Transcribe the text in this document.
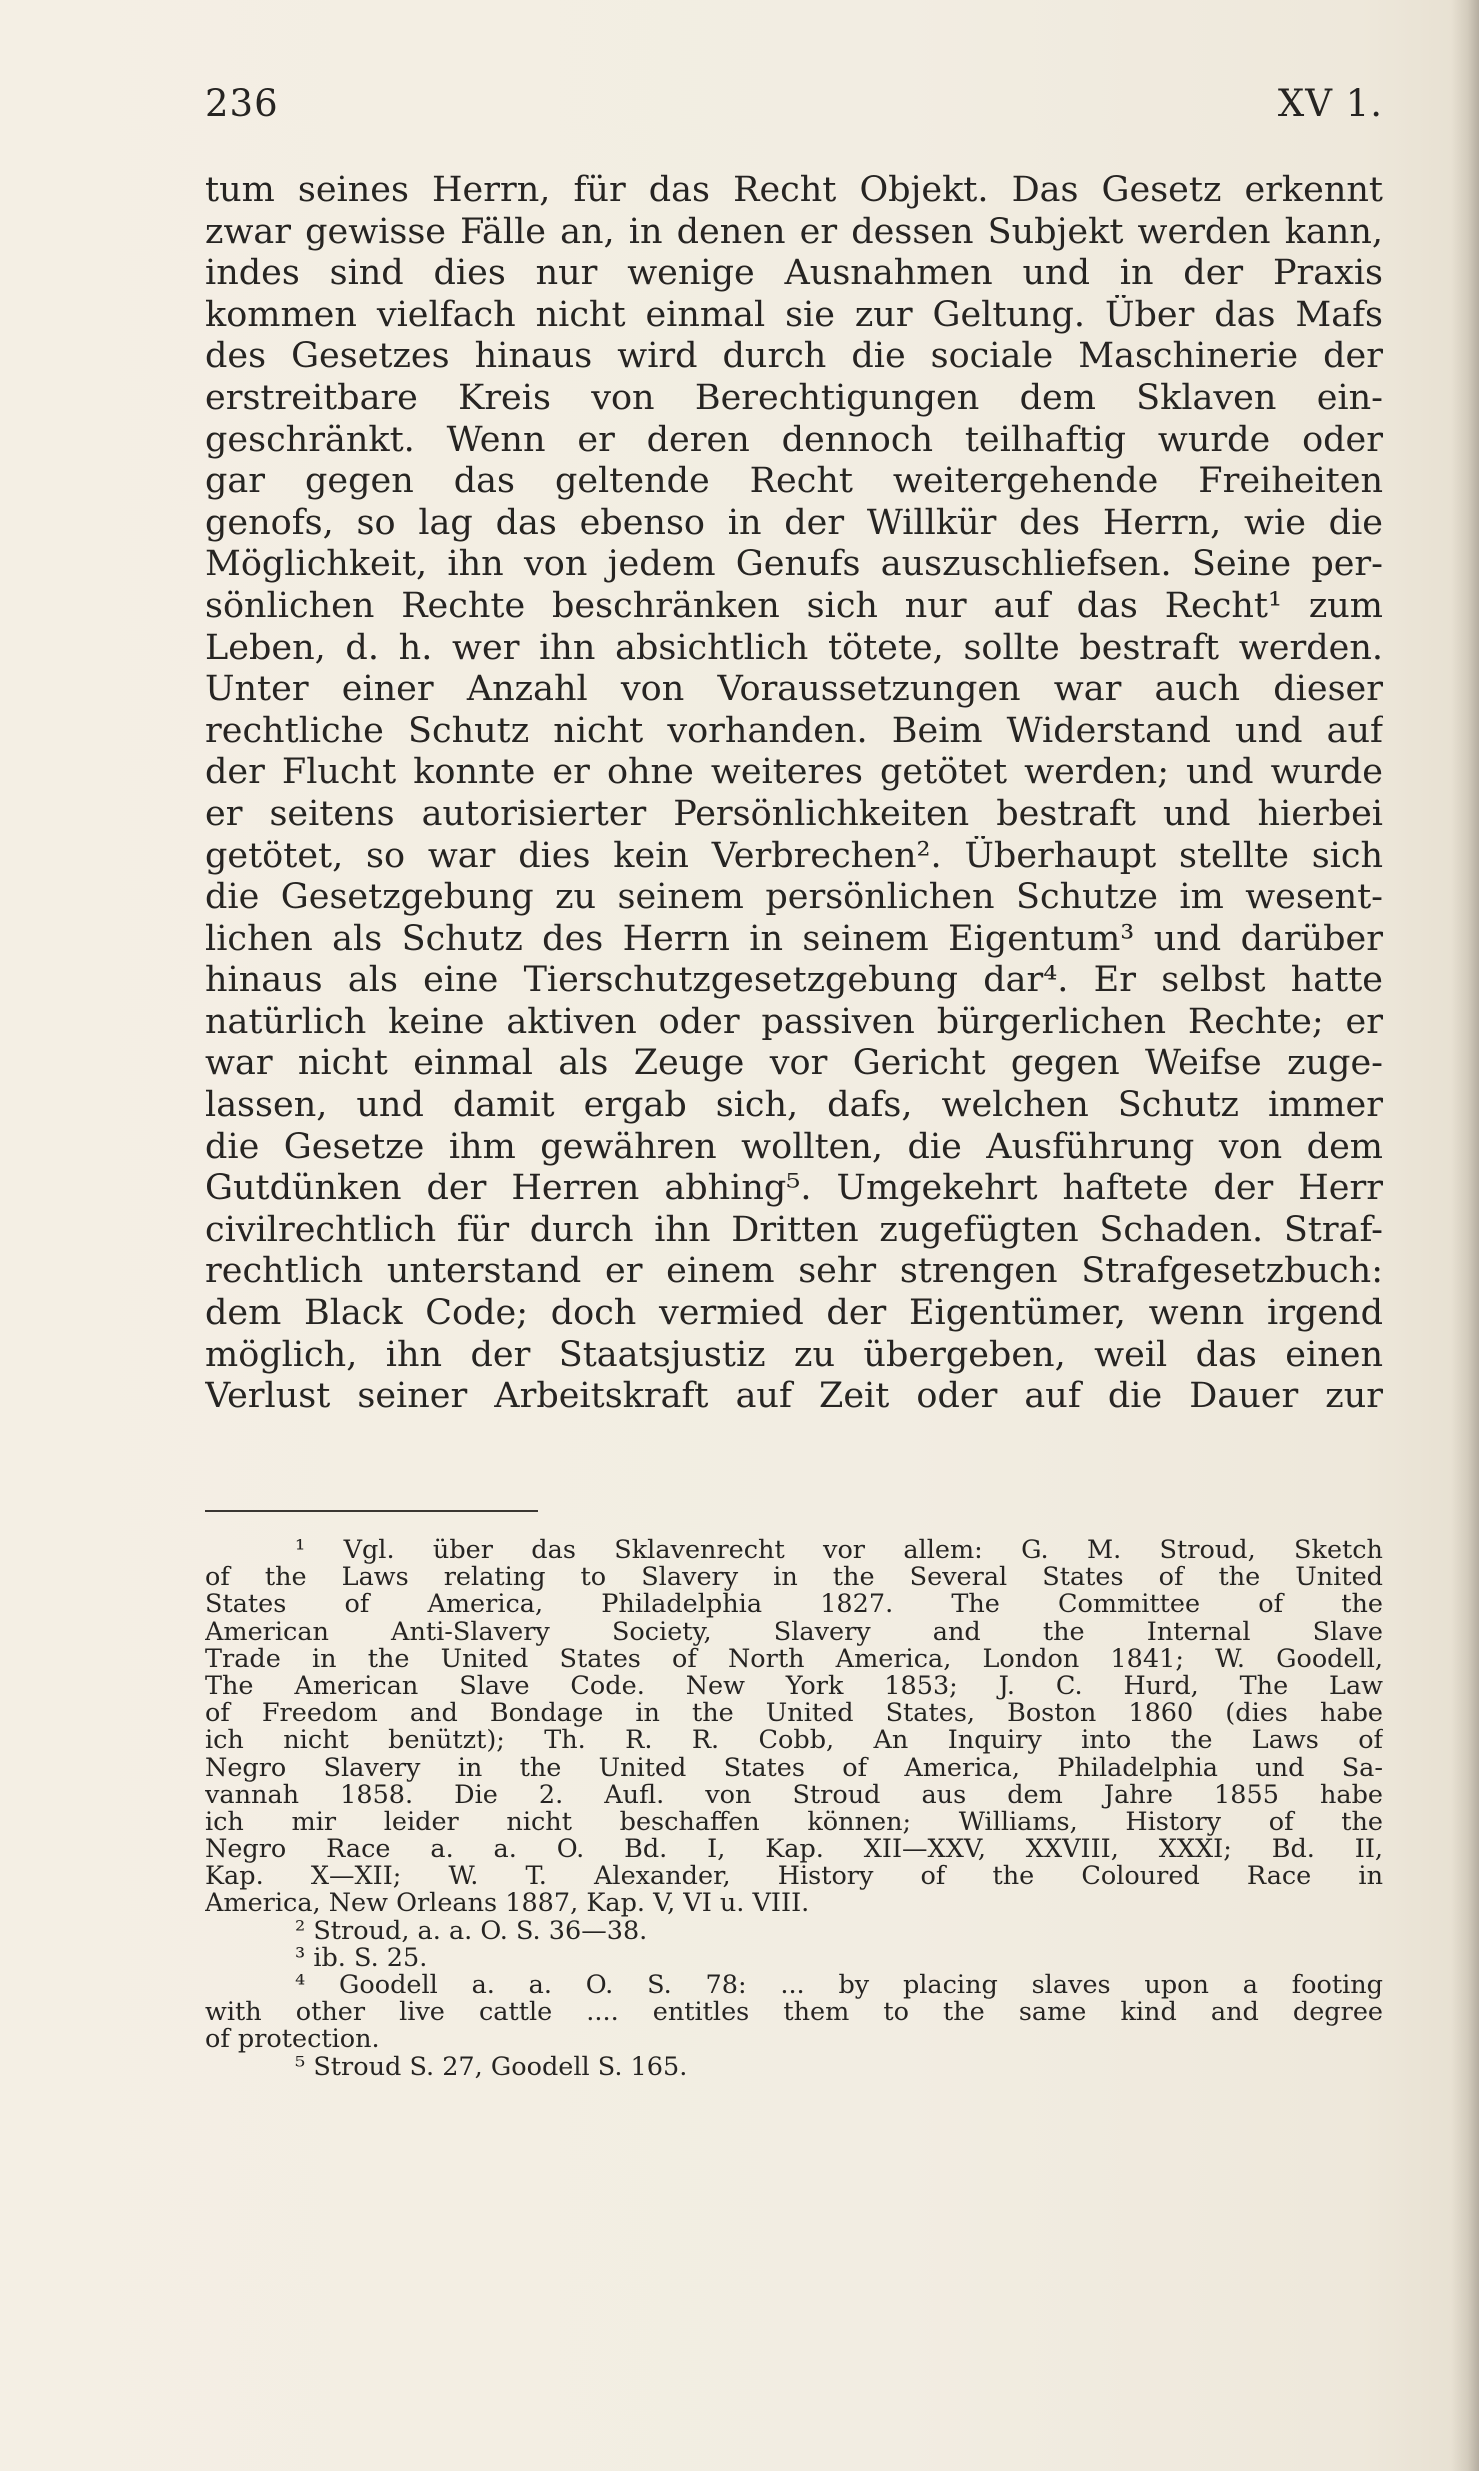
236	XV 1.
tum seines Herrn, für das Recht Objekt. Das Gesetz erkennt
zwar gewisse Fälle an, in denen er dessen Subjekt werden kann,
indes sind dies nur wenige Ausnahmen und in der Praxis
kommen vielfach nicht einmal sie zur Geltung. Über das Mafs
des Gesetzes hinaus wird durch die sociale Maschinerie der
erstreitbare Kreis von Berechtigungen dem Sklaven ein-
geschränkt. Wenn er deren dennoch teilhaftig wurde oder
gar gegen das geltende Recht weitergehende Freiheiten
genofs, so lag das ebenso in der Willkür des Herrn, wie die
Möglichkeit, ihn von jedem Genufs auszuschliefsen. Seine per-
sönlichen Rechte beschränken sich nur auf das Recht¹ zum
Leben, d. h. wer ihn absichtlich tötete, sollte bestraft werden.
Unter einer Anzahl von Voraussetzungen war auch dieser
rechtliche Schutz nicht vorhanden. Beim Widerstand und auf
der Flucht konnte er ohne weiteres getötet werden; und wurde
er seitens autorisierter Persönlichkeiten bestraft und hierbei
getötet, so war dies kein Verbrechen². Überhaupt stellte sich
die Gesetzgebung zu seinem persönlichen Schutze im wesent-
lichen als Schutz des Herrn in seinem Eigentum³ und darüber
hinaus als eine Tierschutzgesetzgebung dar⁴. Er selbst hatte
natürlich keine aktiven oder passiven bürgerlichen Rechte; er
war nicht einmal als Zeuge vor Gericht gegen Weifse zuge-
lassen, und damit ergab sich, dafs, welchen Schutz immer
die Gesetze ihm gewähren wollten, die Ausführung von dem
Gutdünken der Herren abhing⁵. Umgekehrt haftete der Herr
civilrechtlich für durch ihn Dritten zugefügten Schaden. Straf-
rechtlich unterstand er einem sehr strengen Strafgesetzbuch:
dem Black Code; doch vermied der Eigentümer, wenn irgend
möglich, ihn der Staatsjustiz zu übergeben, weil das einen
Verlust seiner Arbeitskraft auf Zeit oder auf die Dauer zur
¹ Vgl. über das Sklavenrecht vor allem: G. M. Stroud, Sketch
of the Laws relating to Slavery in the Several States of the United
States of America, Philadelphia 1827. The Committee of the
American Anti-Slavery Society, Slavery and the Internal Slave
Trade in the United States of North America, London 1841; W. Goodell,
The American Slave Code. New York 1853; J. C. Hurd, The Law
of Freedom and Bondage in the United States, Boston 1860 (dies habe
ich nicht benützt); Th. R. R. Cobb, An Inquiry into the Laws of
Negro Slavery in the United States of America, Philadelphia und Sa-
vannah 1858. Die 2. Aufl. von Stroud aus dem Jahre 1855 habe
ich mir leider nicht beschaffen können; Williams, History of the
Negro Race a. a. O. Bd. I, Kap. XII—XXV, XXVIII, XXXI; Bd. II,
Kap. X—XII; W. T. Alexander, History of the Coloured Race in
America, New Orleans 1887, Kap. V, VI u. VIII.
² Stroud, a. a. O. S. 36—38.
³ ib. S. 25.
⁴ Goodell a. a. O. S. 78: ... by placing slaves upon a footing
with other live cattle .... entitles them to the same kind and degree
of protection.
⁵ Stroud S. 27, Goodell S. 165.
